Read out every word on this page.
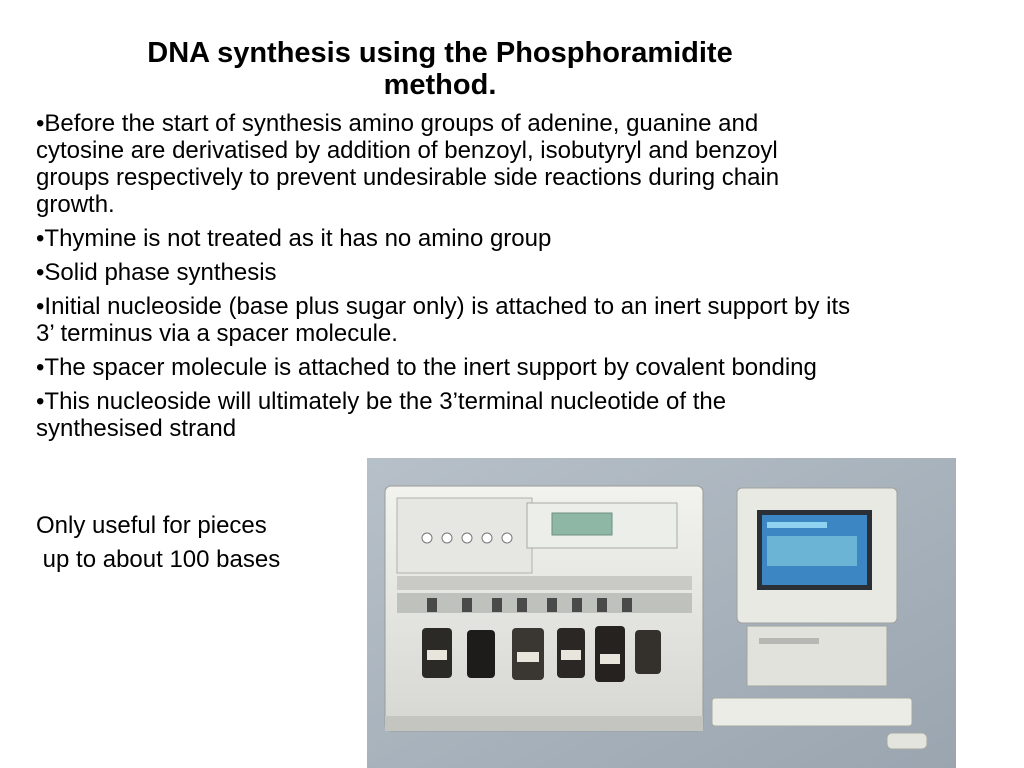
DNA synthesis using the Phosphoramidite
method.

•Before the start of synthesis amino groups of adenine, guanine and cytosine are derivatised by addition of benzoyl, isobutyryl and benzoyl groups respectively to prevent undesirable side reactions during chain growth.

•Thymine is not treated as it has no amino group

•Solid phase synthesis

•Initial nucleoside (base plus sugar only) is attached to an inert support by its 3’ terminus via a spacer molecule.

•The spacer molecule is attached to the inert support by covalent bonding

•This nucleoside will ultimately be the 3’terminal nucleotide of the synthesised strand

Only useful for pieces
up to about 100 bases
